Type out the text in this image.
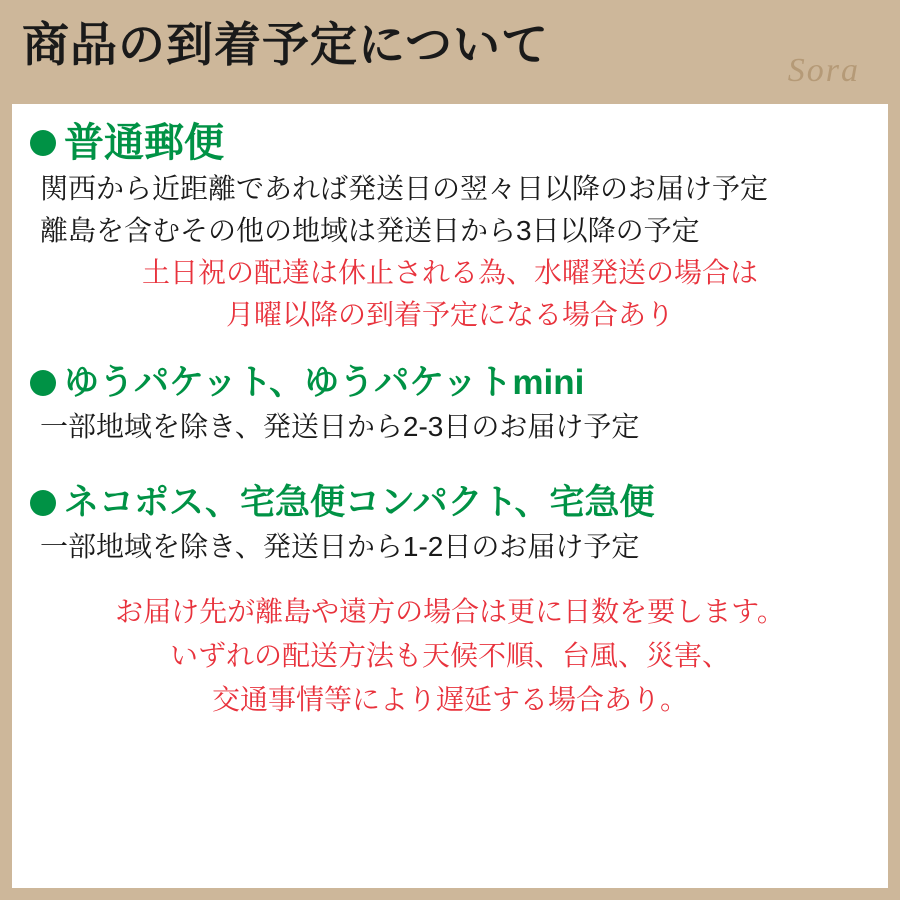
商品の到着予定について	Sora
普通郵便
関西から近距離であれば発送日の翌々日以降のお届け予定
離島を含むその他の地域は発送日から3日以降の予定
土日祝の配達は休止される為、水曜発送の場合は
月曜以降の到着予定になる場合あり
ゆうパケット、ゆうパケットmini
一部地域を除き、発送日から2-3日のお届け予定
ネコポス、宅急便コンパクト、宅急便
一部地域を除き、発送日から1-2日のお届け予定
お届け先が離島や遠方の場合は更に日数を要します。
いずれの配送方法も天候不順、台風、災害、
交通事情等により遅延する場合あり。
